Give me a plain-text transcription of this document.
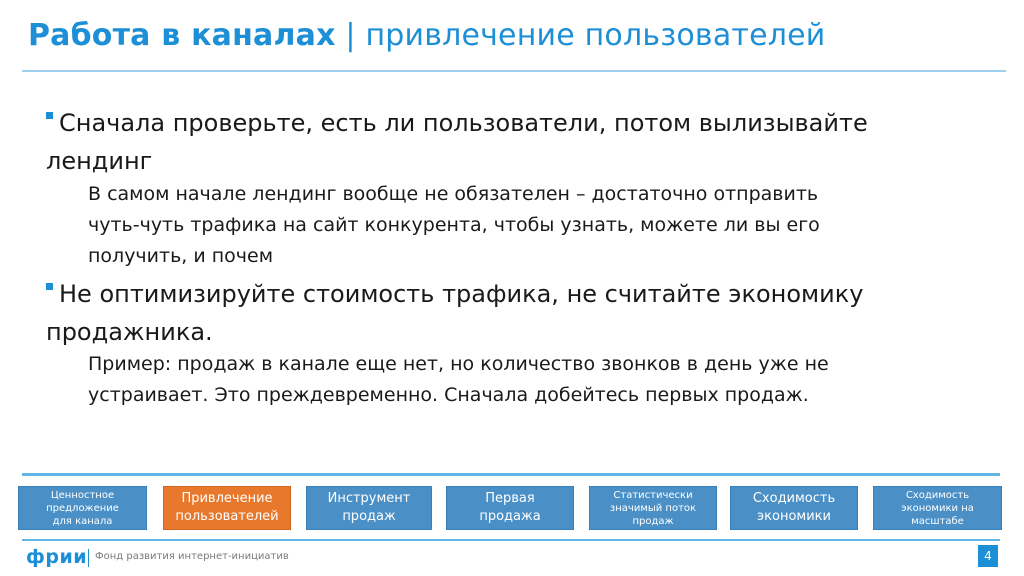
Работа в каналах | привлечение пользователей
Сначала проверьте, есть ли пользователи, потом вылизывайте
лендинг
В самом начале лендинг вообще не обязателен – достаточно отправить
чуть-чуть трафика на сайт конкурента, чтобы узнать, можете ли вы его
получить, и почем
Не оптимизируйте стоимость трафика, не считайте экономику
продажника.
Пример: продаж в канале еще нет, но количество звонков в день уже не
устраивает. Это преждевременно. Сначала добейтесь первых продаж.
Ценностное
предложение
для канала
Привлечение
пользователей
Инструмент
продаж
Первая
продажа
Статистически
значимый поток
продаж
Сходимость
экономики
Сходимость
экономики на
масштабе
фрии Фонд развития интернет-инициатив	4
